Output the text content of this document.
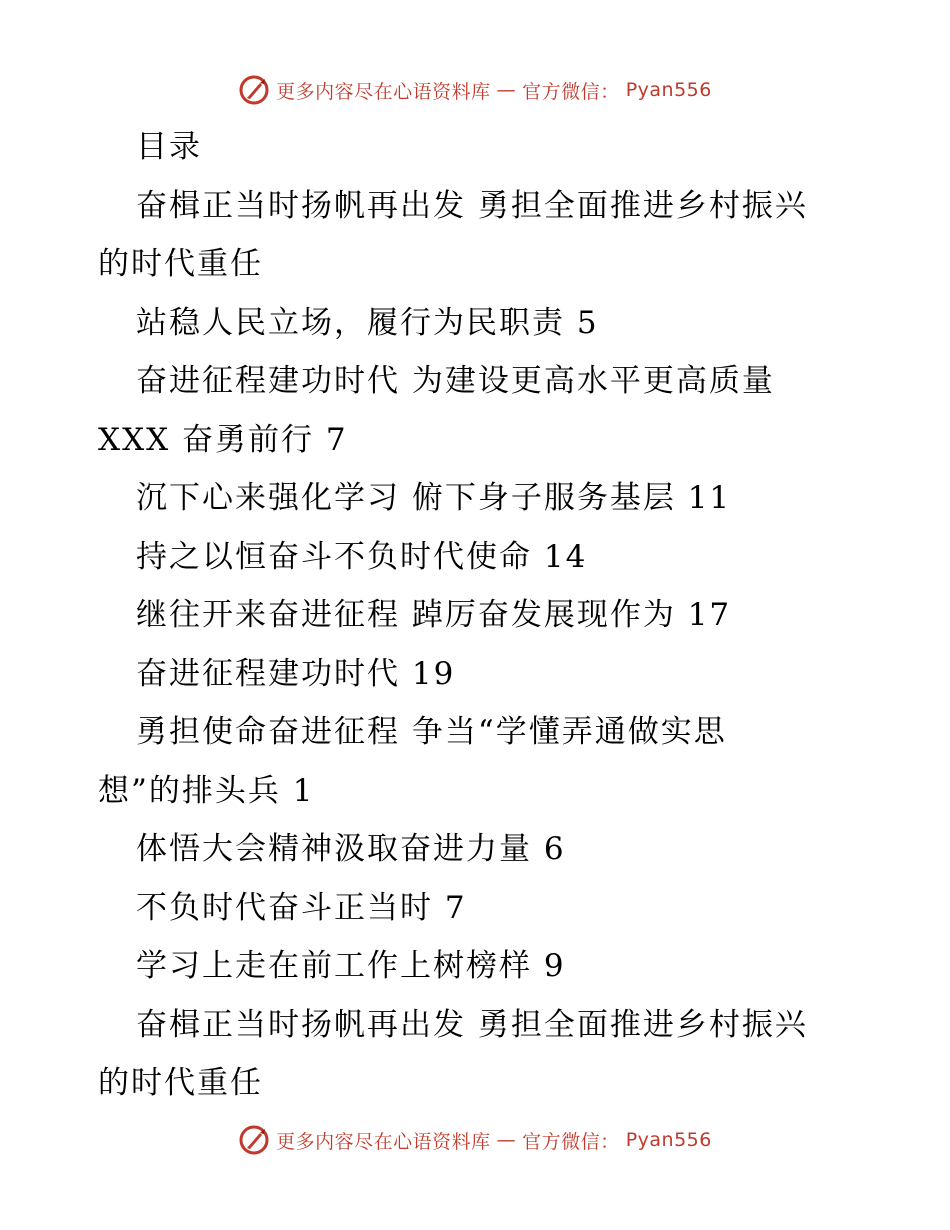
更多内容尽在心语资料库 — 官方微信： Pyan556
目录
奋楫正当时扬帆再出发 勇担全面推进乡村振兴
的时代重任
站稳人民立场，履行为民职责 5
奋进征程建功时代 为建设更高水平更高质量
XXX 奋勇前行 7
沉下心来强化学习 俯下身子服务基层 11
持之以恒奋斗不负时代使命 14
继往开来奋进征程 踔厉奋发展现作为 17
奋进征程建功时代 19
勇担使命奋进征程 争当“学懂弄通做实思
想”的排头兵 1
体悟大会精神汲取奋进力量 6
不负时代奋斗正当时 7
学习上走在前工作上树榜样 9
奋楫正当时扬帆再出发 勇担全面推进乡村振兴
的时代重任
更多内容尽在心语资料库 — 官方微信： Pyan556
